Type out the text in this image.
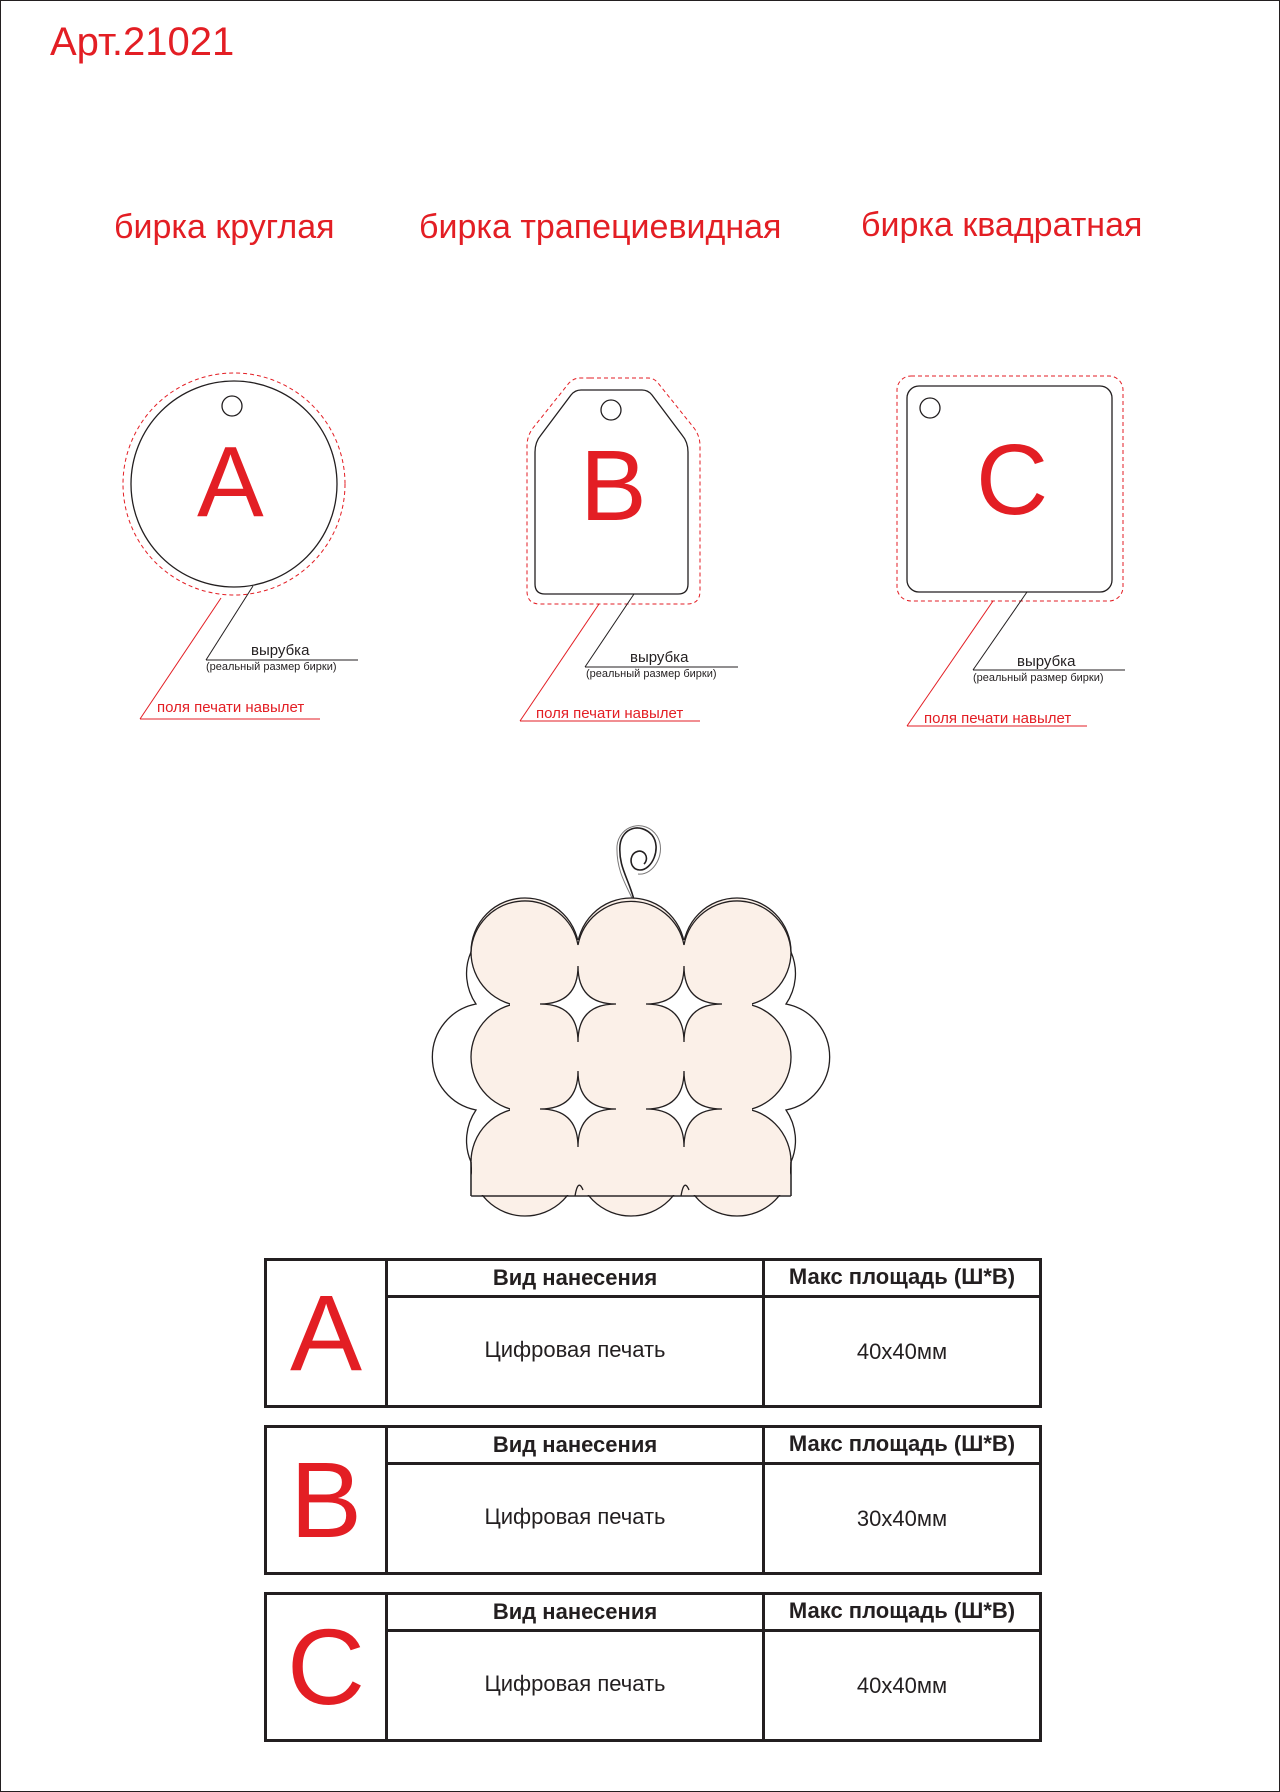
Арт.21021
бирка круглая бирка трапециевидная бирка квадратная
A	B	C
вырубка
(реальный размер бирки)
поля печати навылет
вырубка
(реальный размер бирки)
поля печати навылет
вырубка
(реальный размер бирки)
поля печати навылет
A	Вид нанесения	Макс площадь (Ш*В)
Цифровая печать	40х40мм
B	Вид нанесения	Макс площадь (Ш*В)
Цифровая печать	30х40мм
C	Вид нанесения	Макс площадь (Ш*В)
Цифровая печать	40х40мм
